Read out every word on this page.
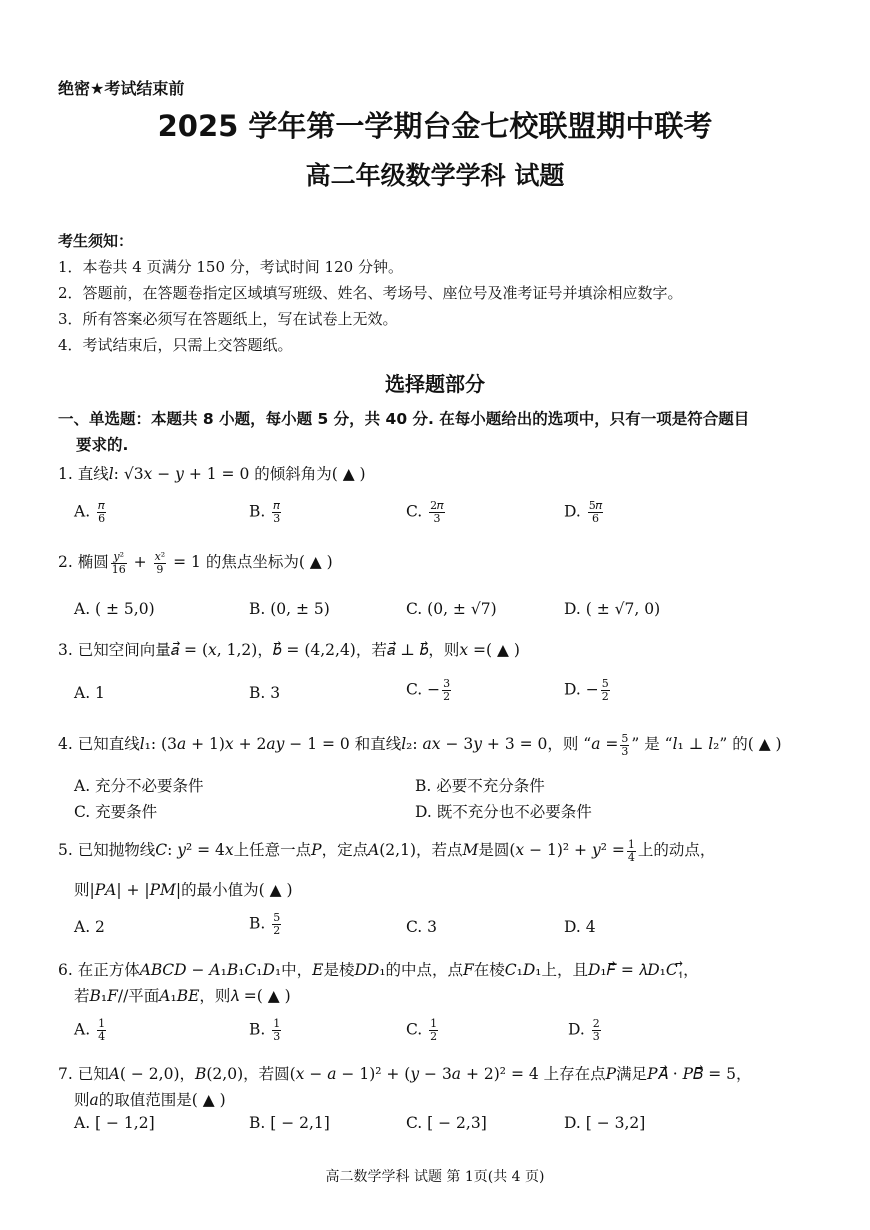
绝密★考试结束前
2025 学年第一学期台金七校联盟期中联考
高二年级数学学科 试题
考生须知：
1．本卷共 4 页满分 150 分，考试时间 120 分钟。
2．答题前，在答题卷指定区域填写班级、姓名、考场号、座位号及准考证号并填涂相应数字。
3．所有答案必须写在答题纸上，写在试卷上无效。
4．考试结束后，只需上交答题纸。
选择题部分
一、单选题：本题共 8 小题，每小题 5 分，共 40 分. 在每小题给出的选项中，只有一项是符合题目
要求的.
1. 直线𝑙: √3𝑥 − 𝑦 + 1 = 0 的倾斜角为( ▲ )
A. $\frac{\text{𝜋}}{6}$	B. $\frac{\text{𝜋}}{3}$	C. $\frac{\text{2𝜋}}{3}$	D. $\frac{\text{5𝜋}}{6}$
2. 椭圆 $\frac{\text{𝑦²}}{16} + \frac{\text{𝑥²}}{9} = 1$ 的焦点坐标为( ▲ )
A. ( ± 5,0)	B. (0, ± 5)	C. (0, ± √7)	D. ( ± √7, 0)
3. 已知空间向量𝑎⃗ = (𝑥, 1,2)，𝑏⃗ = (4,2,4)，若𝑎⃗ ⊥ 𝑏⃗，则𝑥 =( ▲ )
A. 1	B. 3	C. − $\frac{3}{2}$	D. − $\frac{5}{2}$
4. 已知直线𝑙₁: (3𝑎 + 1)𝑥 + 2𝑎𝑦 − 1 = 0 和直线𝑙₂: 𝑎𝑥 − 3𝑦 + 3 = 0，则 “𝑎 = $\frac{5}{3}$ ” 是 “𝑙₁ ⊥ 𝑙₂” 的( ▲ )
A. 充分不必要条件	B. 必要不充分条件
C. 充要条件	D. 既不充分也不必要条件
5. 已知抛物线𝐶: 𝑦² = 4𝑥上任意一点𝑃，定点𝐴(2,1)，若点𝑀是圆(𝑥 − 1)² + 𝑦² = $\frac{1}{4}$ 上的动点，
则|𝑃𝐴| + |𝑃𝑀|的最小值为( ▲ )
A. 2	B. $\frac{5}{2}$	C. 3	D. 4
6. 在正方体𝐴𝐵𝐶𝐷 − 𝐴₁𝐵₁𝐶₁𝐷₁中，𝐸是棱𝐷𝐷₁的中点，点𝐹在棱𝐶₁𝐷₁上，且𝐷₁𝐹⃗ = 𝜆𝐷₁𝐶₁⃗，
若𝐵₁𝐹//平面𝐴₁𝐵𝐸，则𝜆 =( ▲ )
A. $\frac{1}{4}$	B. $\frac{1}{3}$	C. $\frac{1}{2}$	D. $\frac{2}{3}$
7. 已知𝐴( − 2,0)，𝐵(2,0)，若圆(𝑥 − 𝑎 − 1)² + (𝑦 − 3𝑎 + 2)² = 4 上存在点𝑃满足𝑃𝐴⃗ · 𝑃𝐵⃗ = 5，
则𝑎的取值范围是( ▲ )
A. [ − 1,2]	B. [ − 2,1]	C. [ − 2,3]	D. [ − 3,2]
高二数学学科 试题 第 1页(共 4 页)
